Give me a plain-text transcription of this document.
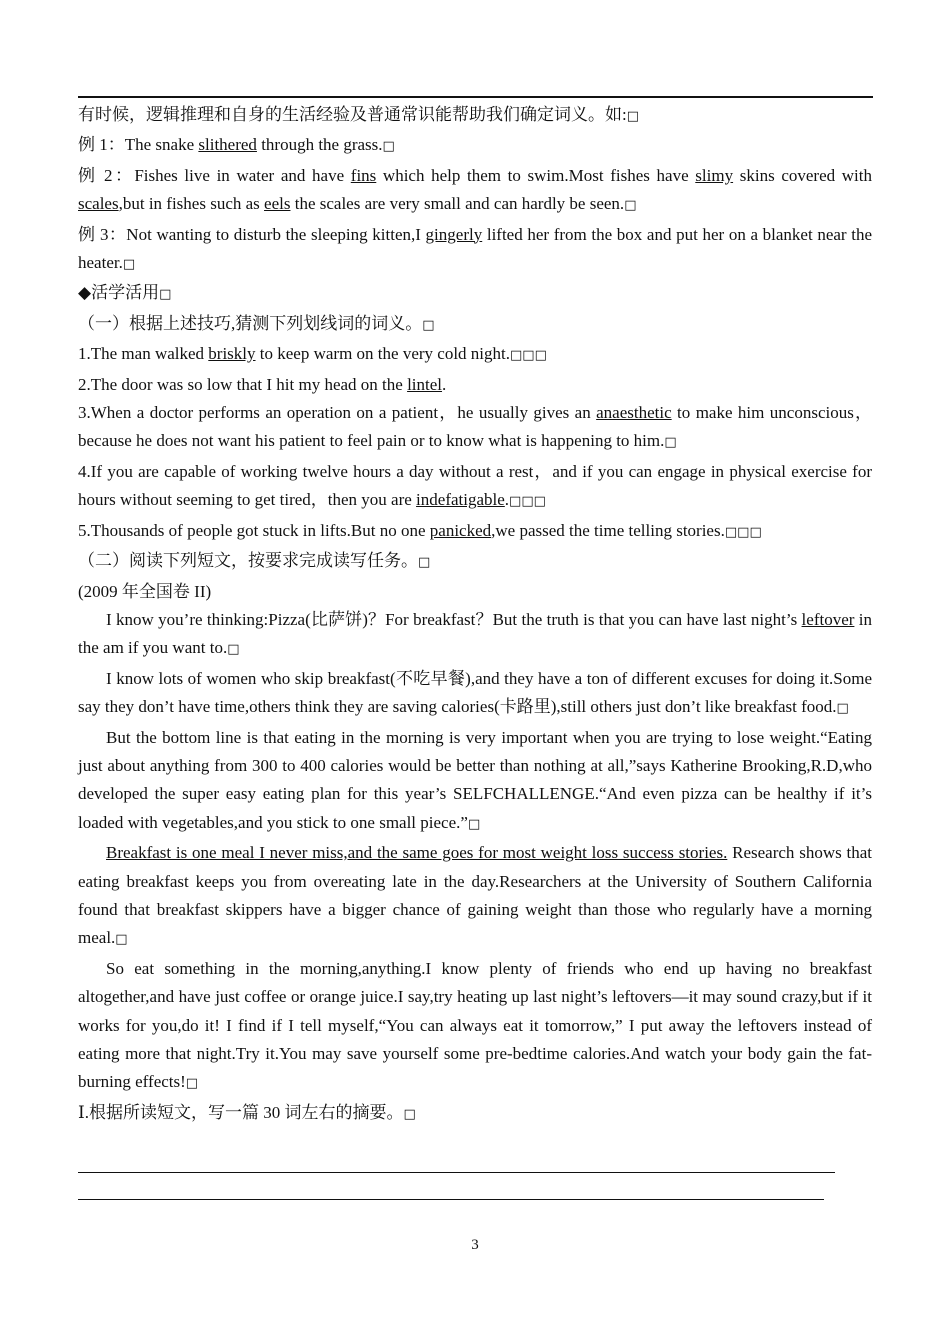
有时候，逻辑推理和自身的生活经验及普通常识能帮助我们确定词义。如:□

例 1：The snake slithered through the grass.□

例 2：Fishes live in water and have fins which help them to swim.Most fishes have slimy skins covered with scales,but in fishes such as eels the scales are very small and can hardly be seen.□

例 3：Not wanting to disturb the sleeping kitten,I gingerly lifted her from the box and put her on a blanket near the heater.□

◆活学活用□

（一）根据上述技巧,猜测下列划线词的词义。□

1.The man walked briskly to keep warm on the very cold night.□□□

2.The door was so low that I hit my head on the lintel.

3.When a doctor performs an operation on a patient，he usually gives an anaesthetic to make him unconscious，because he does not want his patient to feel pain or to know what is happening to him.□

4.If you are capable of working twelve hours a day without a rest，and if you can engage in physical exercise for hours without seeming to get tired，then you are indefatigable.□□□

5.Thousands of people got stuck in lifts.But no one panicked,we passed the time telling stories.□□□

（二）阅读下列短文，按要求完成读写任务。□

(2009 年全国卷 II)

I know you’re thinking:Pizza(比萨饼)？For breakfast？But the truth is that you can have last night’s leftover in the am if you want to.□

I know lots of women who skip breakfast(不吃早餐),and they have a ton of different excuses for doing it.Some say they don’t have time,others think they are saving calories(卡路里),still others just don’t like breakfast food.□

But the bottom line is that eating in the morning is very important when you are trying to lose weight.“Eating just about anything from 300 to 400 calories would be better than nothing at all,”says Katherine Brooking,R.D,who developed the super easy eating plan for this year’s SELFCHALLENGE.“And even pizza can be healthy if it’s loaded with vegetables,and you stick to one small piece.”□

Breakfast is one meal I never miss,and the same goes for most weight loss success stories. Research shows that eating breakfast keeps you from overeating late in the day.Researchers at the University of Southern California found that breakfast skippers have a bigger chance of gaining weight than those who regularly have a morning meal.□

So eat something in the morning,anything.I know plenty of friends who end up having no breakfast altogether,and have just coffee or orange juice.I say,try heating up last night’s leftovers—it may sound crazy,but if it works for you,do it! I find if I tell myself,“You can always eat it tomorrow,” I put away the leftovers instead of eating more that night.Try it.You may save yourself some pre-bedtime calories.And watch your body gain the fat-burning effects!□

Ⅰ.根据所读短文，写一篇 30 词左右的摘要。□

3
